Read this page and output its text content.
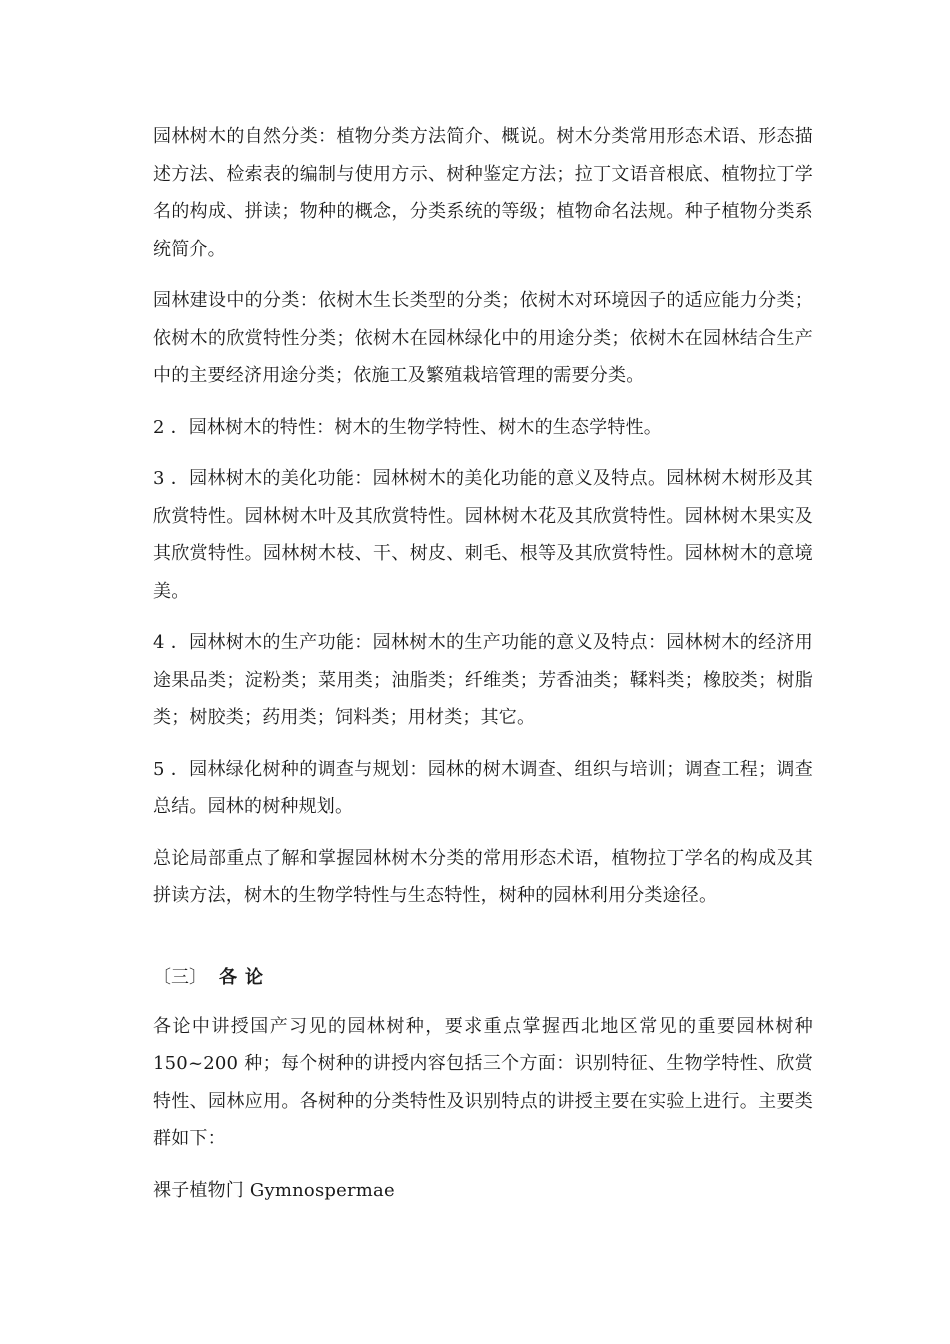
园林树木的自然分类：植物分类方法简介、概说。树木分类常用形态术语、形态描述方法、检索表的编制与使用方示、树种鉴定方法；拉丁文语音根底、植物拉丁学名的构成、拼读；物种的概念，分类系统的等级；植物命名法规。种子植物分类系统简介。

园林建设中的分类：依树木生长类型的分类；依树木对环境因子的适应能力分类；依树木的欣赏特性分类；依树木在园林绿化中的用途分类；依树木在园林结合生产中的主要经济用途分类；依施工及繁殖栽培管理的需要分类。

2 ．园林树木的特性：树木的生物学特性、树木的生态学特性。

3 ．园林树木的美化功能：园林树木的美化功能的意义及特点。园林树木树形及其欣赏特性。园林树木叶及其欣赏特性。园林树木花及其欣赏特性。园林树木果实及其欣赏特性。园林树木枝、干、树皮、刺毛、根等及其欣赏特性。园林树木的意境美。

4 ．园林树木的生产功能：园林树木的生产功能的意义及特点：园林树木的经济用途果品类；淀粉类；菜用类；油脂类；纤维类；芳香油类；鞣料类；橡胶类；树脂类；树胶类；药用类；饲料类；用材类；其它。

5 ．园林绿化树种的调查与规划：园林的树木调查、组织与培训；调查工程；调查总结。园林的树种规划。

总论局部重点了解和掌握园林树木分类的常用形态术语，植物拉丁学名的构成及其拼读方法，树木的生物学特性与生态特性，树种的园林利用分类途径。

〔三〕 各论

各论中讲授国产习见的园林树种，要求重点掌握西北地区常见的重要园林树种 150~200 种；每个树种的讲授内容包括三个方面：识别特征、生物学特性、欣赏特性、园林应用。各树种的分类特性及识别特点的讲授主要在实验上进行。主要类群如下：

裸子植物门 Gymnospermae
